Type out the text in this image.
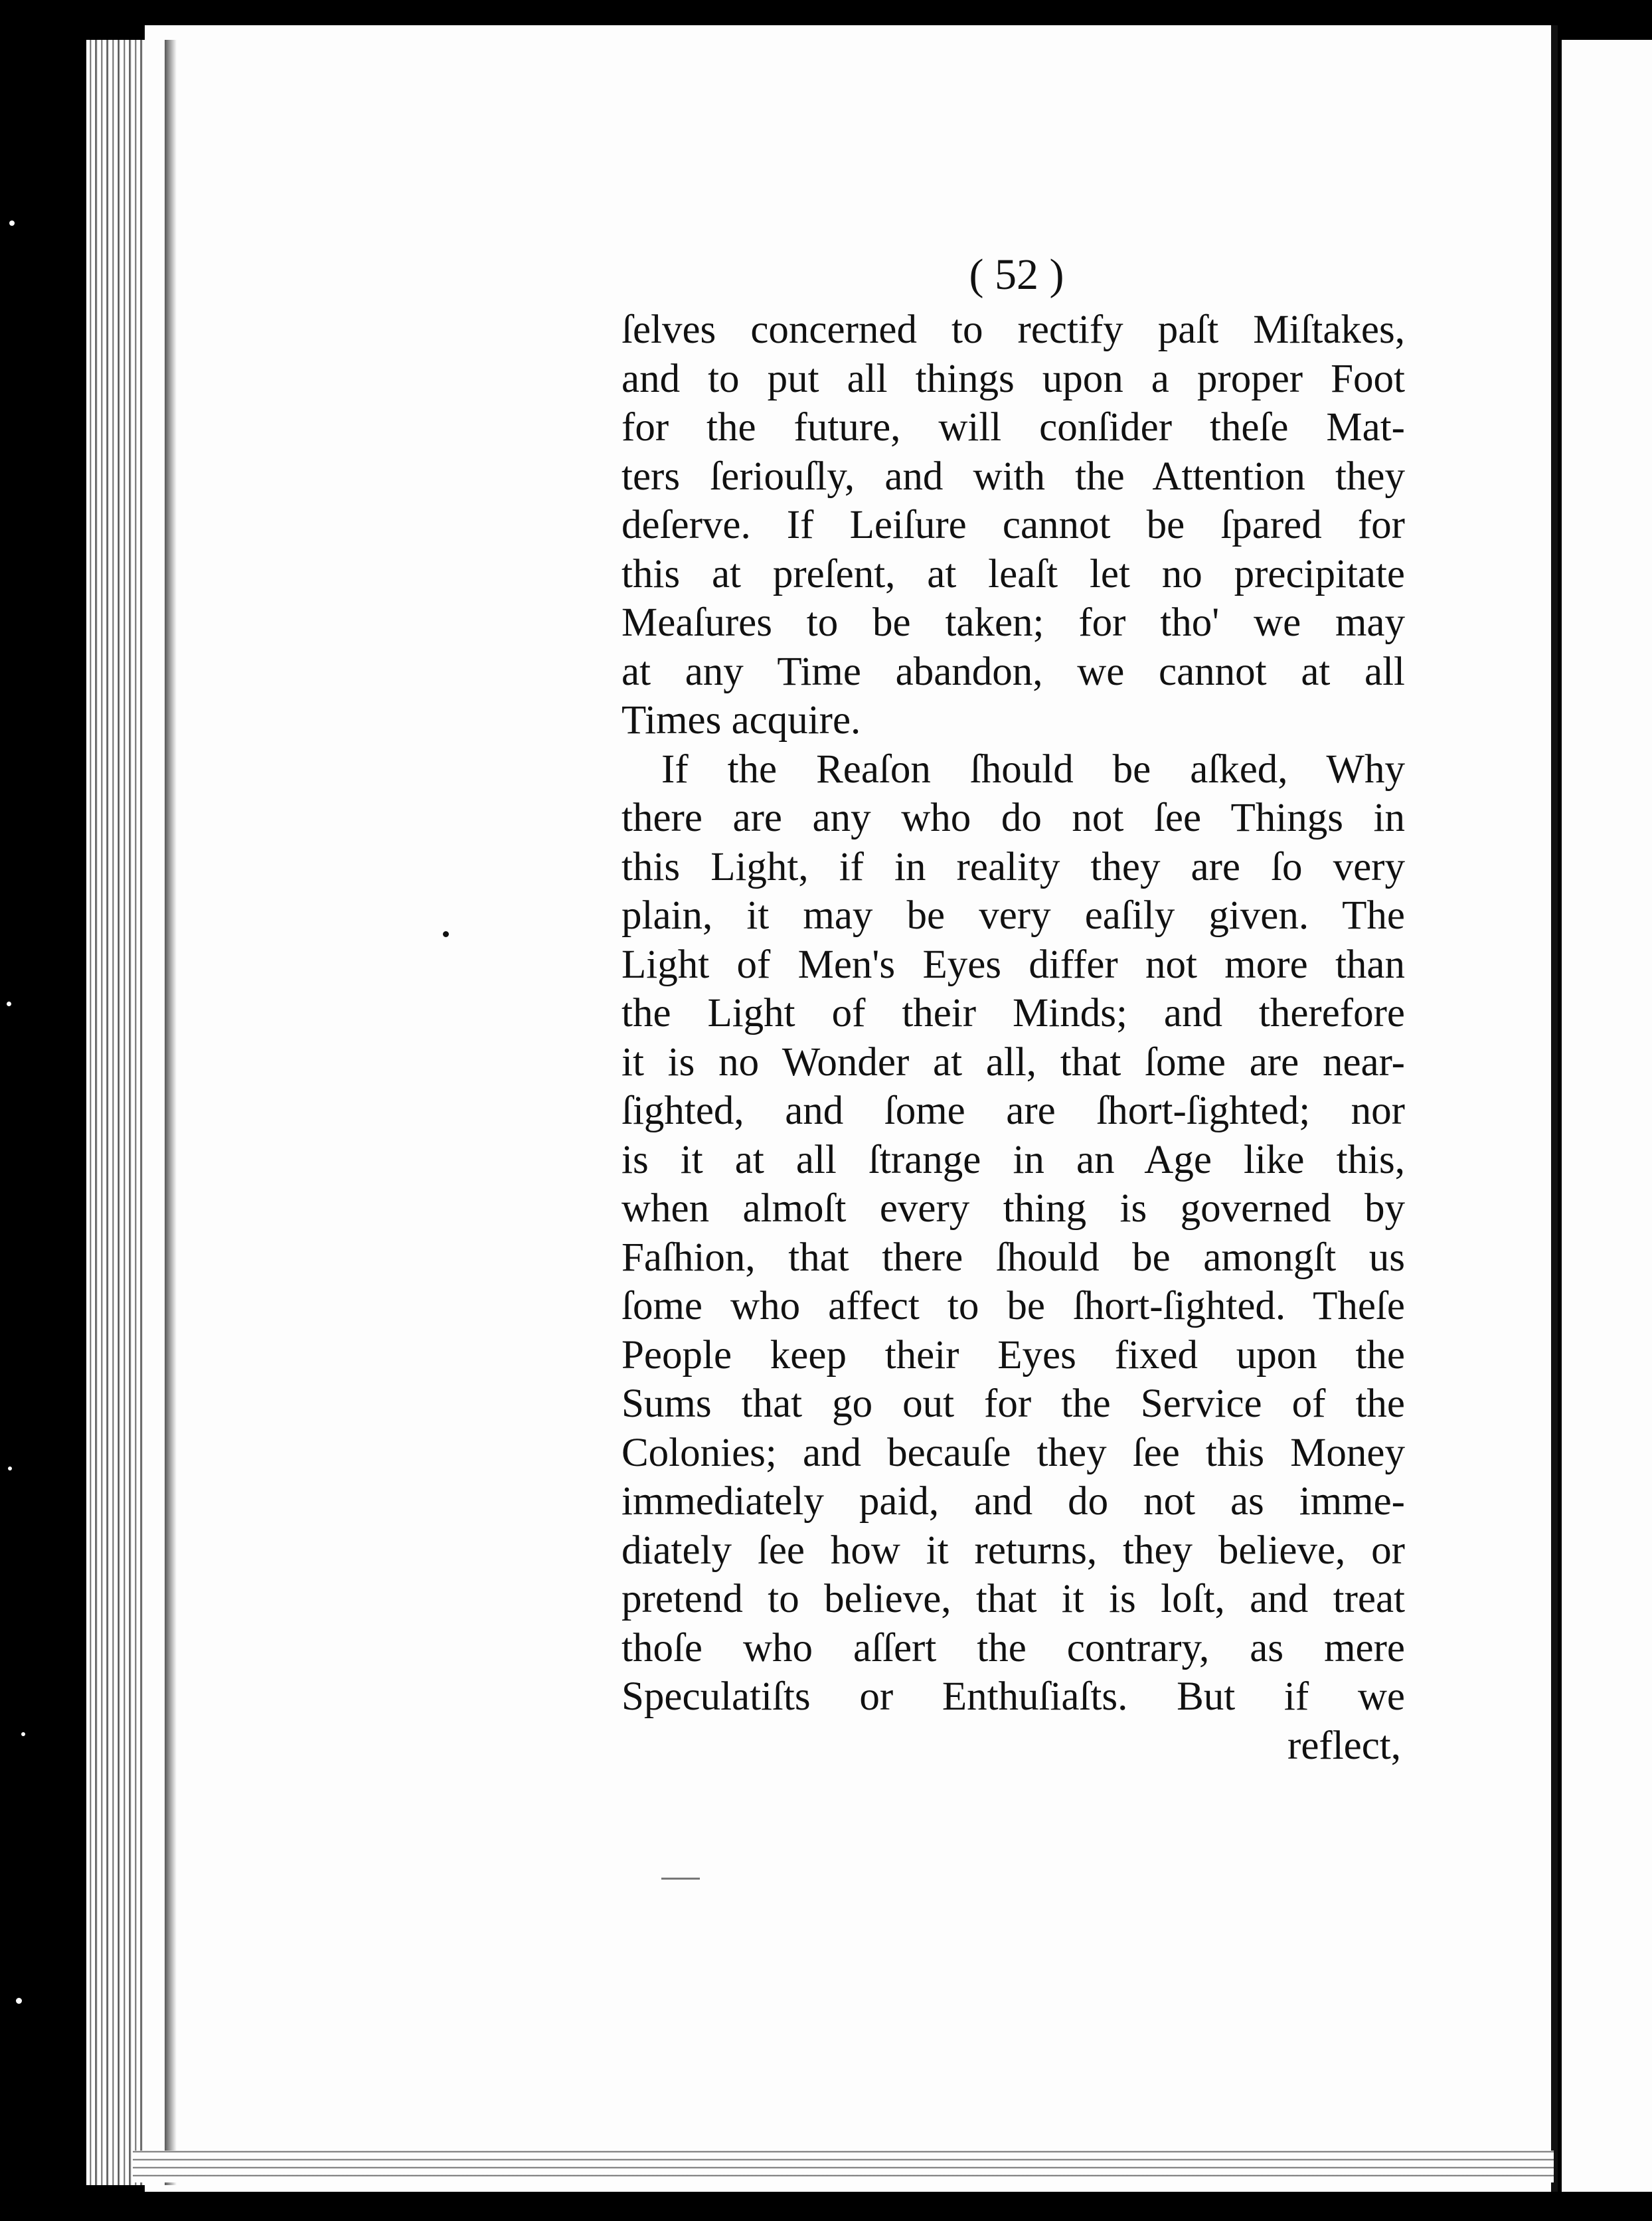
( 52 )
ſelves concerned to rectify paſt Miſtakes,
and to put all things upon a proper Foot
for the future, will conſider theſe Mat-
ters ſeriouſly, and with the Attention they
deſerve. If Leiſure cannot be ſpared for
this at preſent, at leaſt let no precipitate
Meaſures to be taken; for tho' we may
at any Time abandon, we cannot at all
Times acquire.
If the Reaſon ſhould be aſked, Why
there are any who do not ſee Things in
this Light, if in reality they are ſo very
plain, it may be very eaſily given. The
Light of Men's Eyes differ not more than
the Light of their Minds; and therefore
it is no Wonder at all, that ſome are near-
ſighted, and ſome are ſhort-ſighted; nor
is it at all ſtrange in an Age like this,
when almoſt every thing is governed by
Faſhion, that there ſhould be amongſt us
ſome who affect to be ſhort-ſighted. Theſe
People keep their Eyes fixed upon the
Sums that go out for the Service of the
Colonies; and becauſe they ſee this Money
immediately paid, and do not as imme-
diately ſee how it returns, they believe, or
pretend to believe, that it is loſt, and treat
thoſe who aſſert the contrary, as mere
Speculatiſts or Enthuſiaſts. But if we
reflect,
